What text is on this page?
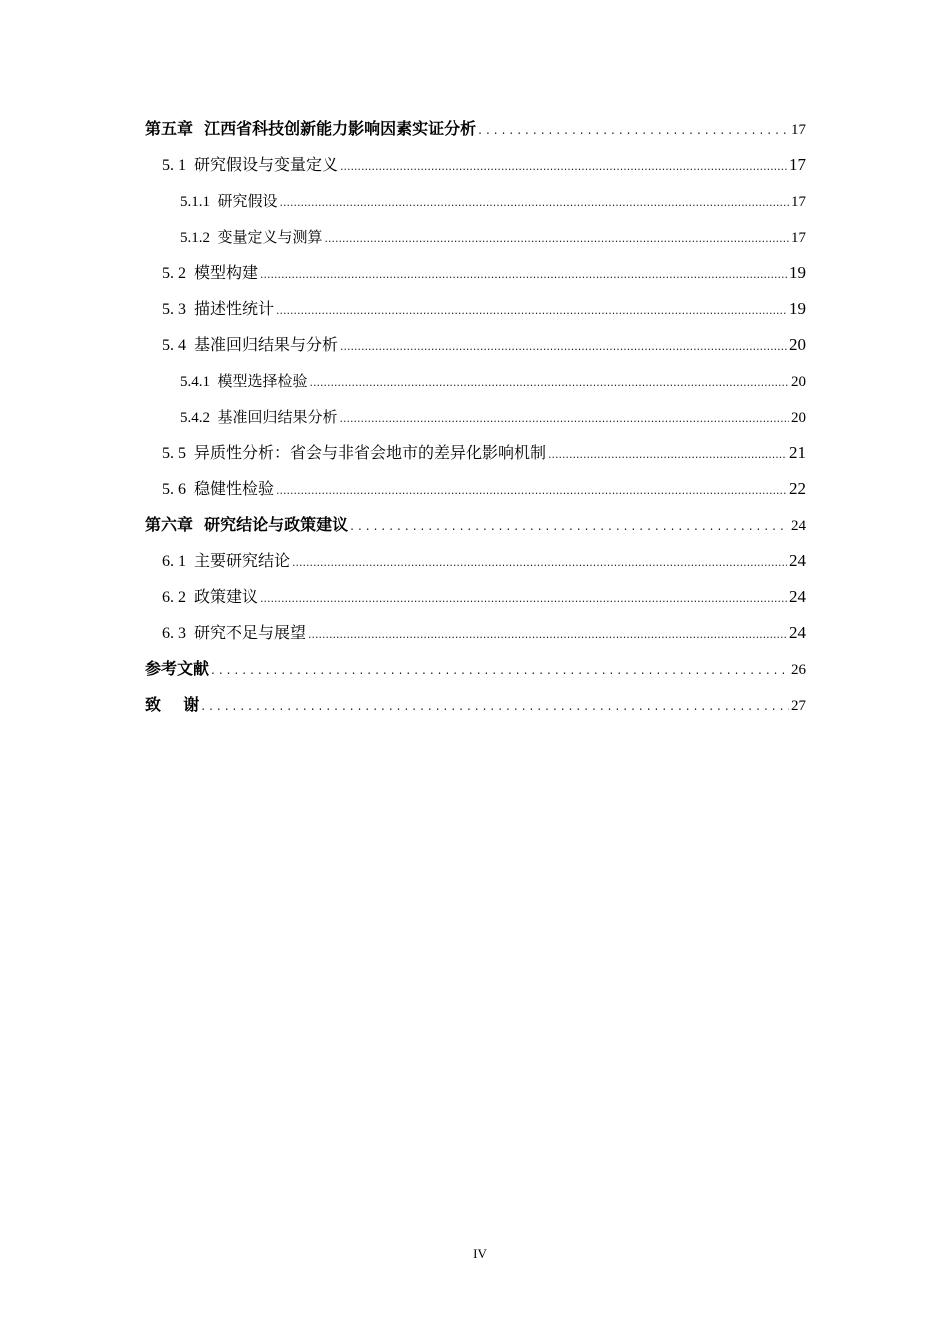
第五章 江西省科技创新能力影响因素实证分析 .....	17
5. 1 研究假设与变量定义 .....	17
5.1.1 研究假设 .....	17
5.1.2 变量定义与测算 .....	17
5. 2 模型构建 .....	19
5. 3 描述性统计 .....	19
5. 4 基准回归结果与分析 .....	20
5.4.1 模型选择检验 .....	20
5.4.2 基准回归结果分析 .....	20
5. 5 异质性分析：省会与非省会地市的差异化影响机制 .....	21
5. 6 稳健性检验 .....	22
第六章 研究结论与政策建议 .....	24
6. 1 主要研究结论 .....	24
6. 2 政策建议 .....	24
6. 3 研究不足与展望 .....	24
参考文献 .....	26
致    谢 .....	27
IV
